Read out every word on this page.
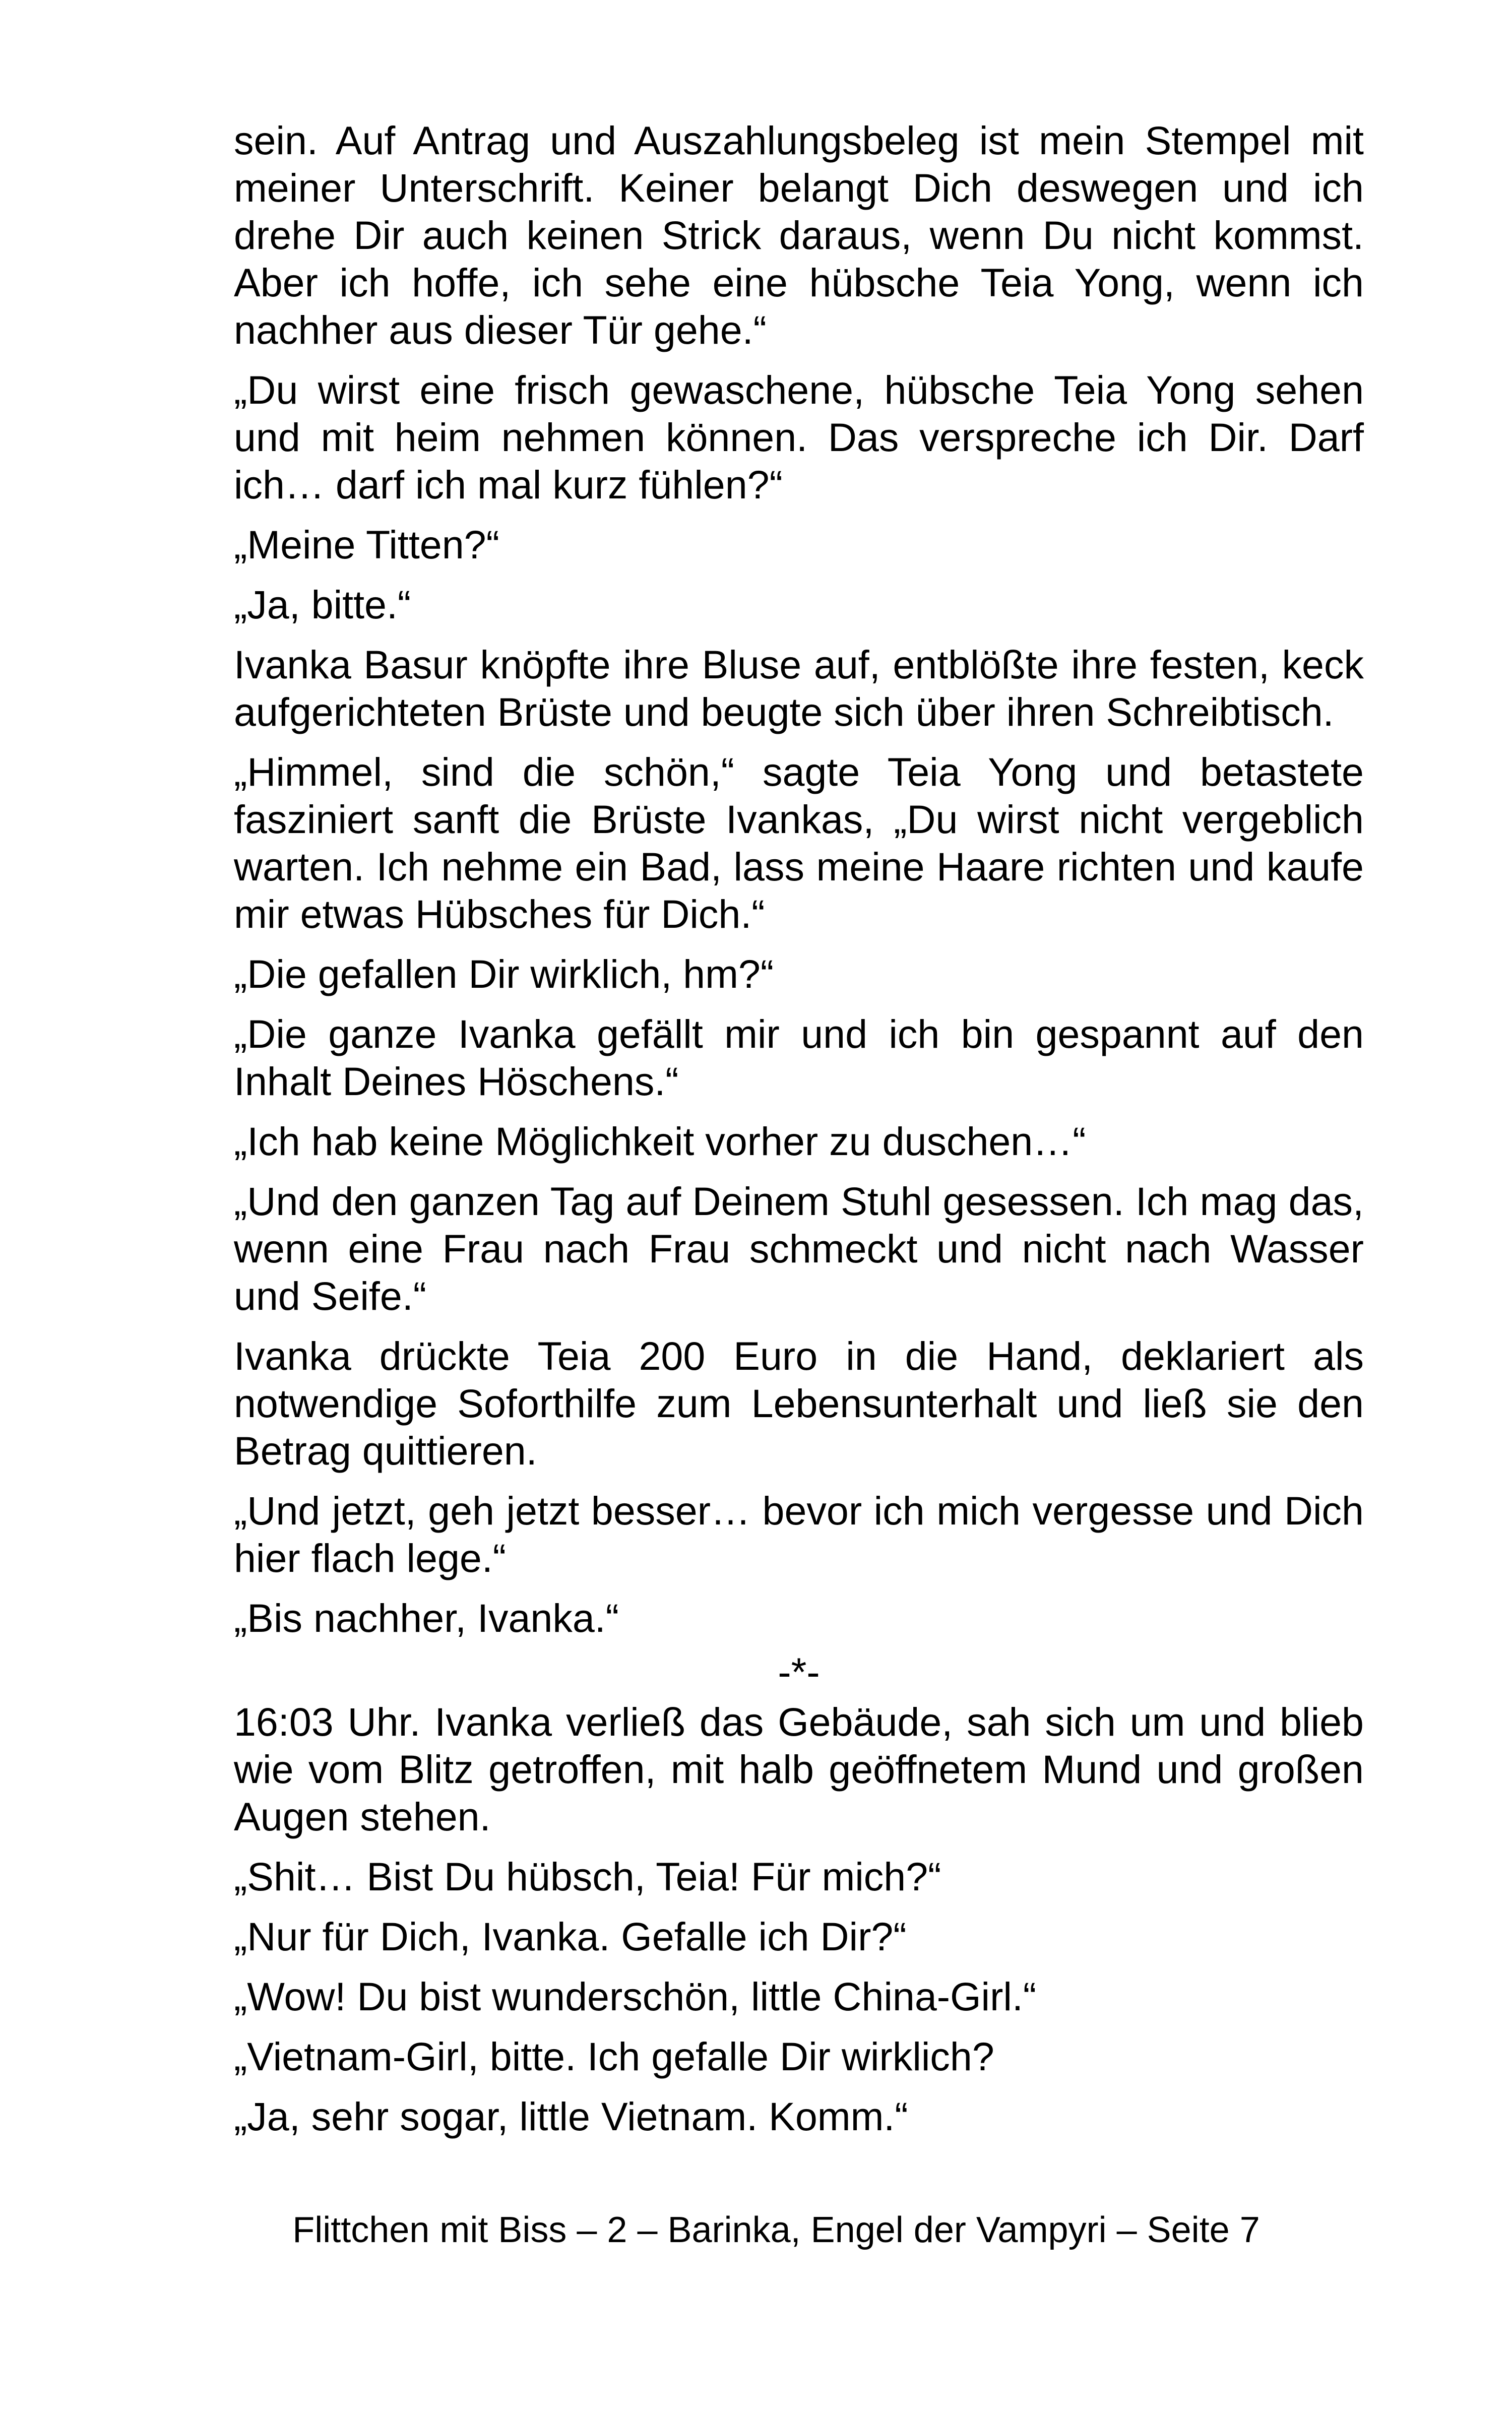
sein. Auf Antrag und Auszahlungsbeleg ist mein Stempel mit meiner Unterschrift. Keiner belangt Dich deswegen und ich drehe Dir auch keinen Strick daraus, wenn Du nicht kommst. Aber ich hoffe, ich sehe eine hübsche Teia Yong, wenn ich nachher aus dieser Tür gehe.“

„Du wirst eine frisch gewaschene, hübsche Teia Yong sehen und mit heim nehmen können. Das verspreche ich Dir. Darf ich… darf ich mal kurz fühlen?“

„Meine Titten?“

„Ja, bitte.“

Ivanka Basur knöpfte ihre Bluse auf, entblößte ihre festen, keck aufgerichteten Brüste und beugte sich über ihren Schreibtisch.

„Himmel, sind die schön,“ sagte Teia Yong und betastete fasziniert sanft die Brüste Ivankas, „Du wirst nicht vergeblich warten. Ich nehme ein Bad, lass meine Haare richten und kaufe mir etwas Hübsches für Dich.“

„Die gefallen Dir wirklich, hm?“

„Die ganze Ivanka gefällt mir und ich bin gespannt auf den Inhalt Deines Höschens.“

„Ich hab keine Möglichkeit vorher zu duschen…“

„Und den ganzen Tag auf Deinem Stuhl gesessen. Ich mag das, wenn eine Frau nach Frau schmeckt und nicht nach Wasser und Seife.“

Ivanka drückte Teia 200 Euro in die Hand, deklariert als notwendige Soforthilfe zum Lebensunterhalt und ließ sie den Betrag quittieren.

„Und jetzt, geh jetzt besser… bevor ich mich vergesse und Dich hier flach lege.“

„Bis nachher, Ivanka.“

-*-

16:03 Uhr. Ivanka verließ das Gebäude, sah sich um und blieb wie vom Blitz getroffen, mit halb geöffnetem Mund und großen Augen stehen.

„Shit… Bist Du hübsch, Teia! Für mich?“

„Nur für Dich, Ivanka. Gefalle ich Dir?“

„Wow! Du bist wunderschön, little China-Girl.“

„Vietnam-Girl, bitte. Ich gefalle Dir wirklich?

„Ja, sehr sogar, little Vietnam. Komm.“

Flittchen mit Biss – 2 – Barinka, Engel der Vampyri – Seite 7
